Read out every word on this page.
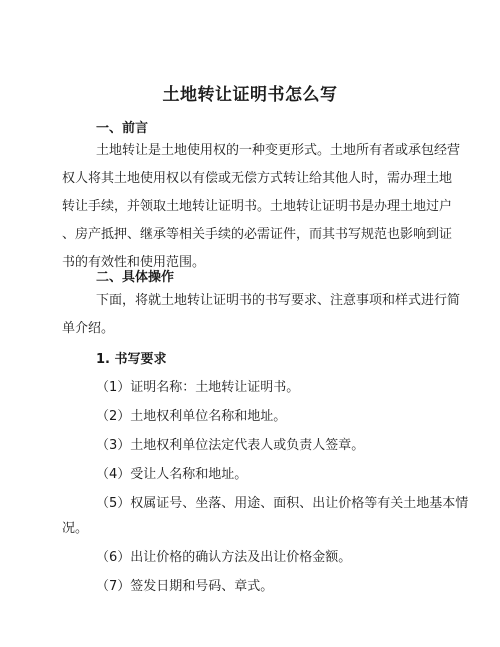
土地转让证明书怎么写
一、前言
土地转让是土地使用权的一种变更形式。土地所有者或承包经营
权人将其土地使用权以有偿或无偿方式转让给其他人时，需办理土地
转让手续，并领取土地转让证明书。土地转让证明书是办理土地过户
、房产抵押、继承等相关手续的必需证件，而其书写规范也影响到证
书的有效性和使用范围。
二、具体操作
下面，将就土地转让证明书的书写要求、注意事项和样式进行简
单介绍。
1. 书写要求
（1）证明名称：土地转让证明书。
（2）土地权利单位名称和地址。
（3）土地权利单位法定代表人或负责人签章。
（4）受让人名称和地址。
（5）权属证号、坐落、用途、面积、出让价格等有关土地基本情
况。
（6）出让价格的确认方法及出让价格金额。
（7）签发日期和号码、章式。
